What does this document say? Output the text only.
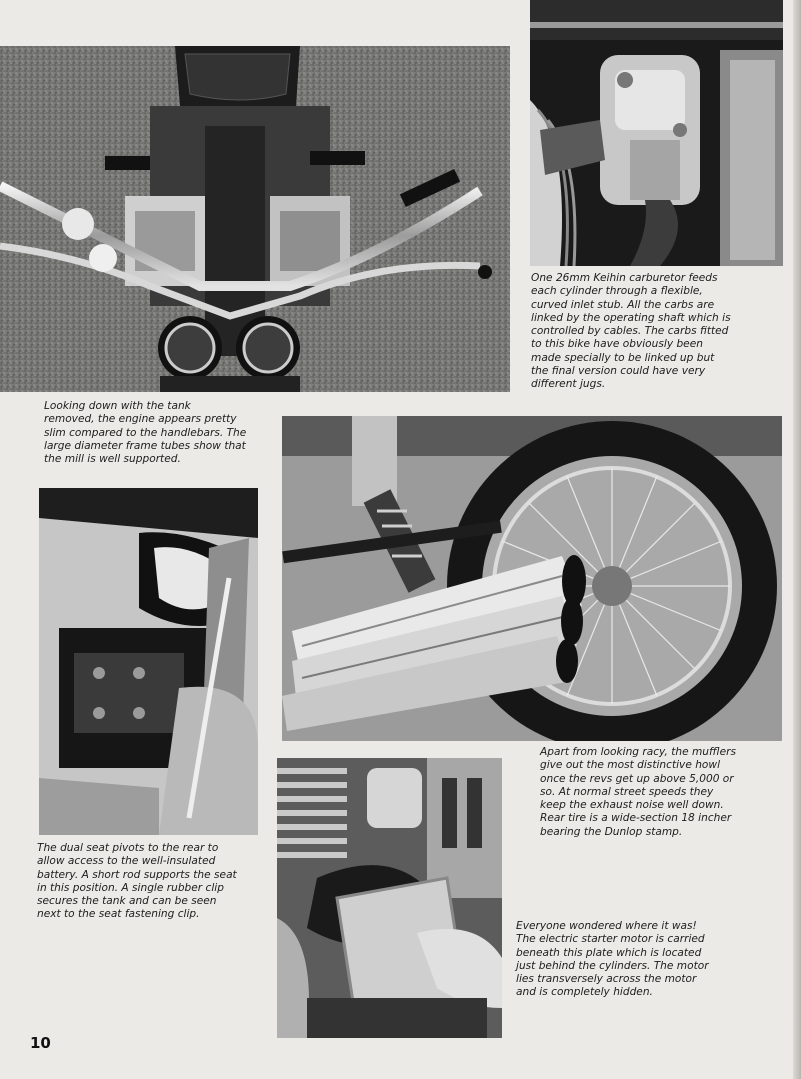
One 26mm Keihin carburetor feeds
each cylinder through a flexible,
curved inlet stub. All the carbs are
linked by the operating shaft which is
controlled by cables. The carbs fitted
to this bike have obviously been
made specially to be linked up but
the final version could have very
different jugs.

Looking down with the tank
removed, the engine appears pretty
slim compared to the handlebars. The
large diameter frame tubes show that
the mill is well supported.

Apart from looking racy, the mufflers
give out the most distinctive howl
once the revs get up above 5,000 or
so. At normal street speeds they
keep the exhaust noise well down.
Rear tire is a wide-section 18 incher
bearing the Dunlop stamp.

The dual seat pivots to the rear to
allow access to the well-insulated
battery. A short rod supports the seat
in this position. A single rubber clip
secures the tank and can be seen
next to the seat fastening clip.

Everyone wondered where it was!
The electric starter motor is carried
beneath this plate which is located
just behind the cylinders. The motor
lies transversely across the motor
and is completely hidden.

10
